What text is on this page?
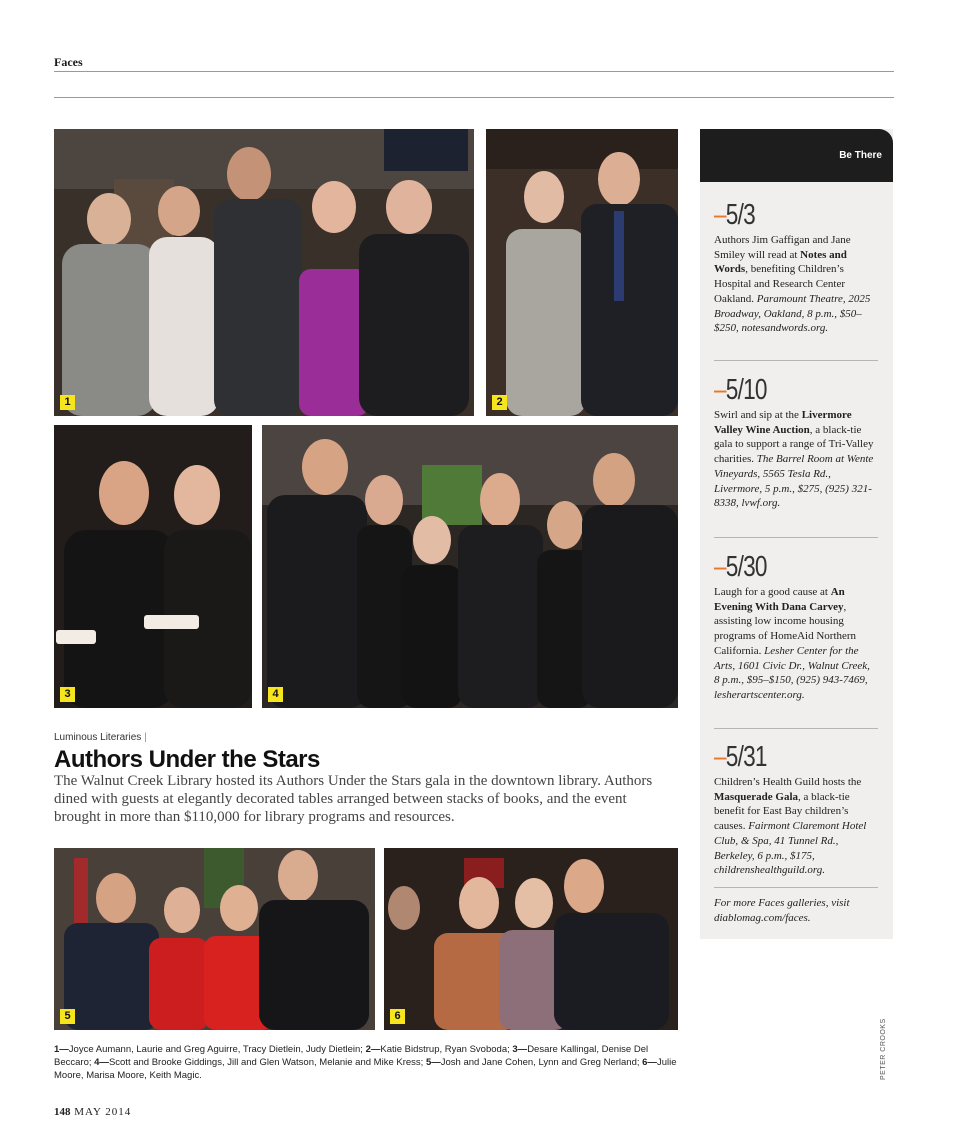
Faces
1	2
3	4
Luminous Literaries |
Authors Under the Stars
The Walnut Creek Library hosted its Authors Under the Stars gala in the downtown library. Authors dined with guests at elegantly decorated tables arranged between stacks of books, and the event brought in more than $110,000 for library programs and resources.
5	6
1—Joyce Aumann, Laurie and Greg Aguirre, Tracy Dietlein, Judy Dietlein; 2—Katie Bidstrup, Ryan Svoboda; 3—Desare Kallingal, Denise Del Beccaro; 4—Scott and Brooke Giddings, Jill and Glen Watson, Melanie and Mike Kress; 5—Josh and Jane Cohen, Lynn and Greg Nerland; 6—Julie Moore, Marisa Moore, Keith Magic.
148 MAY 2014
PETER CROOKS
Be There
–5/3
Authors Jim Gaffigan and Jane Smiley will read at Notes and Words, benefiting Children’s Hospital and Research Center Oakland. Paramount Theatre, 2025 Broadway, Oakland, 8 p.m., $50–$250, notesandwords.org.
–5/10
Swirl and sip at the Livermore Valley Wine Auction, a black-tie gala to support a range of Tri-Valley charities. The Barrel Room at Wente Vineyards, 5565 Tesla Rd., Livermore, 5 p.m., $275, (925) 321-8338, lvwf.org.
–5/30
Laugh for a good cause at An Evening With Dana Carvey, assisting low income housing programs of HomeAid Northern California. Lesher Center for the Arts, 1601 Civic Dr., Walnut Creek, 8 p.m., $95–$150, (925) 943-7469, lesherartscenter.org.
–5/31
Children’s Health Guild hosts the Masquerade Gala, a black-tie benefit for East Bay children’s causes. Fairmont Claremont Hotel Club, & Spa, 41 Tunnel Rd., Berkeley, 6 p.m., $175, childrenshealthguild.org.
For more Faces galleries, visit diablomag.com/faces.
